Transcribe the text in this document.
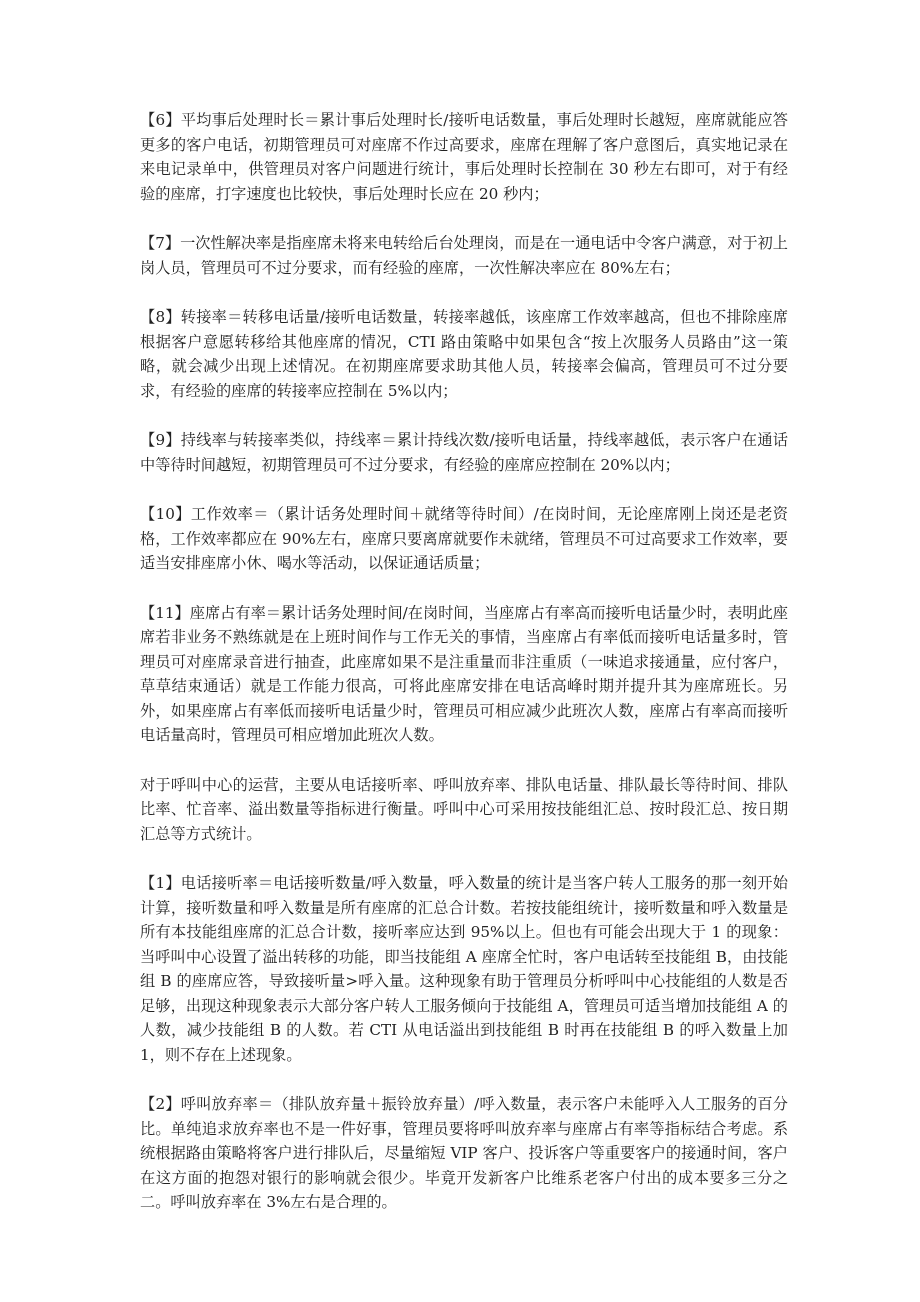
【6】平均事后处理时长＝累计事后处理时长/接听电话数量，事后处理时长越短，座席就能应答更多的客户电话，初期管理员可对座席不作过高要求，座席在理解了客户意图后，真实地记录在来电记录单中，供管理员对客户问题进行统计，事后处理时长控制在 30 秒左右即可，对于有经验的座席，打字速度也比较快，事后处理时长应在 20 秒内；

【7】一次性解决率是指座席未将来电转给后台处理岗，而是在一通电话中令客户满意，对于初上岗人员，管理员可不过分要求，而有经验的座席，一次性解决率应在 80%左右；

【8】转接率＝转移电话量/接听电话数量，转接率越低，该座席工作效率越高，但也不排除座席根据客户意愿转移给其他座席的情况，CTI 路由策略中如果包含“按上次服务人员路由”这一策略，就会减少出现上述情况。在初期座席要求助其他人员，转接率会偏高，管理员可不过分要求，有经验的座席的转接率应控制在 5%以内；

【9】持线率与转接率类似，持线率＝累计持线次数/接听电话量，持线率越低，表示客户在通话中等待时间越短，初期管理员可不过分要求，有经验的座席应控制在 20%以内；

【10】工作效率＝（累计话务处理时间＋就绪等待时间）/在岗时间，无论座席刚上岗还是老资格，工作效率都应在 90%左右，座席只要离席就要作未就绪，管理员不可过高要求工作效率，要适当安排座席小休、喝水等活动，以保证通话质量；

【11】座席占有率＝累计话务处理时间/在岗时间，当座席占有率高而接听电话量少时，表明此座席若非业务不熟练就是在上班时间作与工作无关的事情，当座席占有率低而接听电话量多时，管理员可对座席录音进行抽查，此座席如果不是注重量而非注重质（一味追求接通量，应付客户，草草结束通话）就是工作能力很高，可将此座席安排在电话高峰时期并提升其为座席班长。另外，如果座席占有率低而接听电话量少时，管理员可相应减少此班次人数，座席占有率高而接听电话量高时，管理员可相应增加此班次人数。

对于呼叫中心的运营，主要从电话接听率、呼叫放弃率、排队电话量、排队最长等待时间、排队比率、忙音率、溢出数量等指标进行衡量。呼叫中心可采用按技能组汇总、按时段汇总、按日期汇总等方式统计。

【1】电话接听率＝电话接听数量/呼入数量，呼入数量的统计是当客户转人工服务的那一刻开始计算，接听数量和呼入数量是所有座席的汇总合计数。若按技能组统计，接听数量和呼入数量是所有本技能组座席的汇总合计数，接听率应达到 95%以上。但也有可能会出现大于 1 的现象：当呼叫中心设置了溢出转移的功能，即当技能组 A 座席全忙时，客户电话转至技能组 B，由技能组 B 的座席应答，导致接听量>呼入量。这种现象有助于管理员分析呼叫中心技能组的人数是否足够，出现这种现象表示大部分客户转人工服务倾向于技能组 A，管理员可适当增加技能组 A 的人数，减少技能组 B 的人数。若 CTI 从电话溢出到技能组 B 时再在技能组 B 的呼入数量上加 1，则不存在上述现象。

【2】呼叫放弃率＝（排队放弃量＋振铃放弃量）/呼入数量，表示客户未能呼入人工服务的百分比。单纯追求放弃率也不是一件好事，管理员要将呼叫放弃率与座席占有率等指标结合考虑。系统根据路由策略将客户进行排队后，尽量缩短 VIP 客户、投诉客户等重要客户的接通时间，客户在这方面的抱怨对银行的影响就会很少。毕竟开发新客户比维系老客户付出的成本要多三分之二。呼叫放弃率在 3%左右是合理的。
